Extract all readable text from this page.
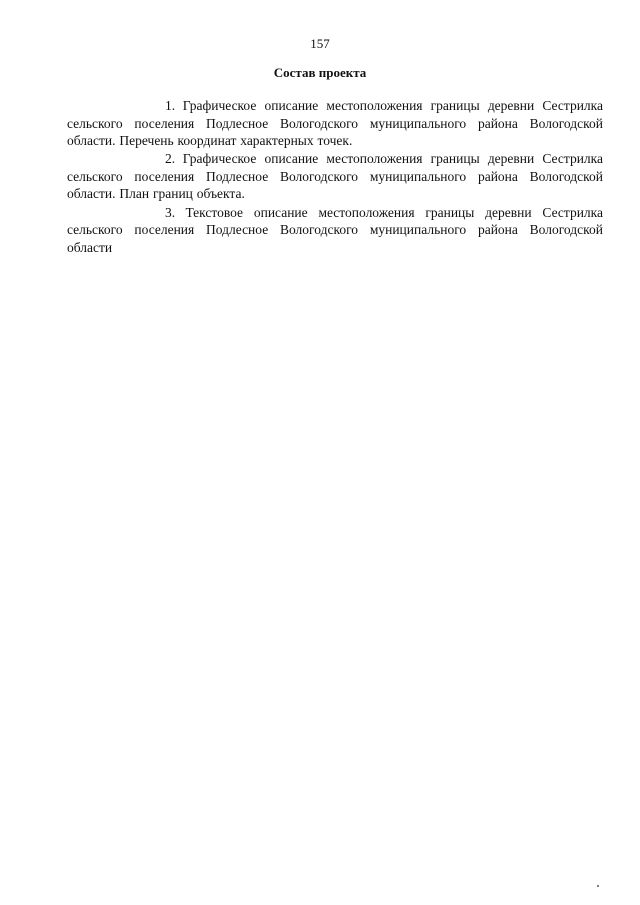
157
Состав проекта

1. Графическое описание местоположения границы деревни Сестрилка сельского поселения Подлесное Вологодского муниципального района Вологодской области. Перечень координат характерных точек.

2. Графическое описание местоположения границы деревни Сестрилка сельского поселения Подлесное Вологодского муниципального района Вологодской области. План границ объекта.

3. Текстовое описание местоположения границы деревни Сестрилка сельского поселения Подлесное Вологодского муниципального района Вологодской области
